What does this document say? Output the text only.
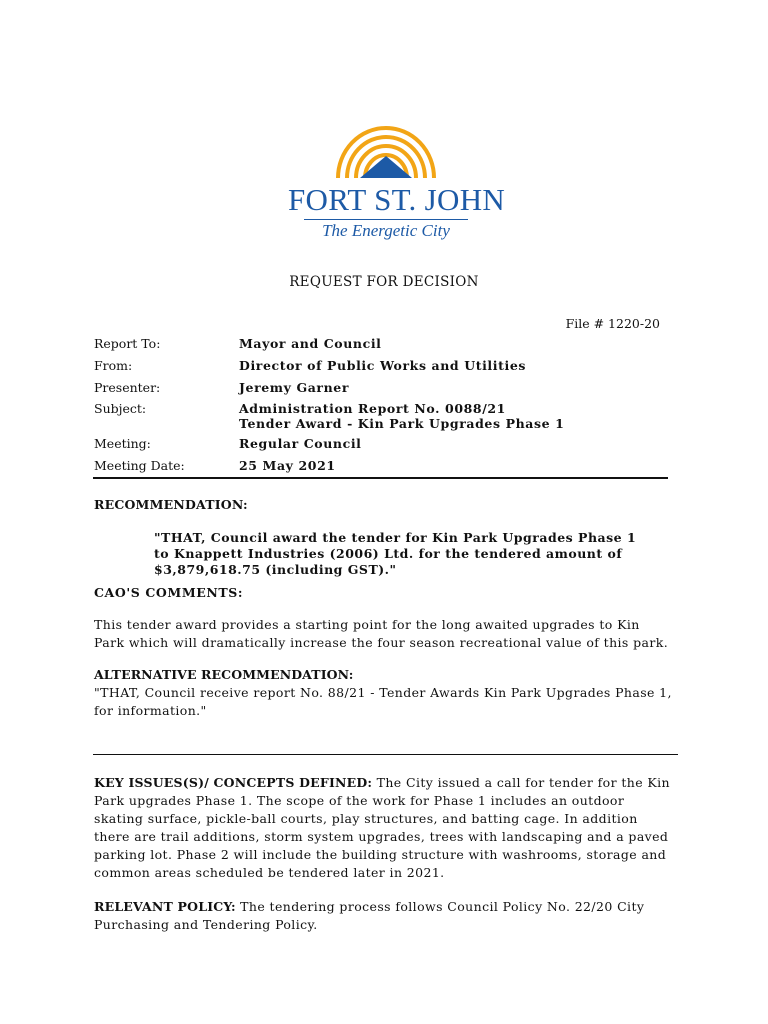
FORT ST. JOHN
The Energetic City
REQUEST FOR DECISION
File # 1220-20
Report To:	Mayor and Council
From:	Director of Public Works and Utilities
Presenter:	Jeremy Garner
Subject:	Administration Report No. 0088/21
Tender Award - Kin Park Upgrades Phase 1
Meeting:	Regular Council
Meeting Date:	25 May 2021
RECOMMENDATION:
"THAT, Council award the tender for Kin Park Upgrades Phase 1 to Knappett Industries (2006) Ltd. for the tendered amount of $3,879,618.75 (including GST)."
CAO'S COMMENTS:
This tender award provides a starting point for the long awaited upgrades to Kin Park which will dramatically increase the four season recreational value of this park.
ALTERNATIVE RECOMMENDATION:
"THAT, Council receive report No. 88/21 - Tender Awards Kin Park Upgrades Phase 1, for information."
KEY ISSUES(S)/ CONCEPTS DEFINED: The City issued a call for tender for the Kin Park upgrades Phase 1. The scope of the work for Phase 1 includes an outdoor skating surface, pickle-ball courts, play structures, and batting cage. In addition there are trail additions, storm system upgrades, trees with landscaping and a paved parking lot. Phase 2 will include the building structure with washrooms, storage and common areas scheduled be tendered later in 2021.
RELEVANT POLICY: The tendering process follows Council Policy No. 22/20 City Purchasing and Tendering Policy.
